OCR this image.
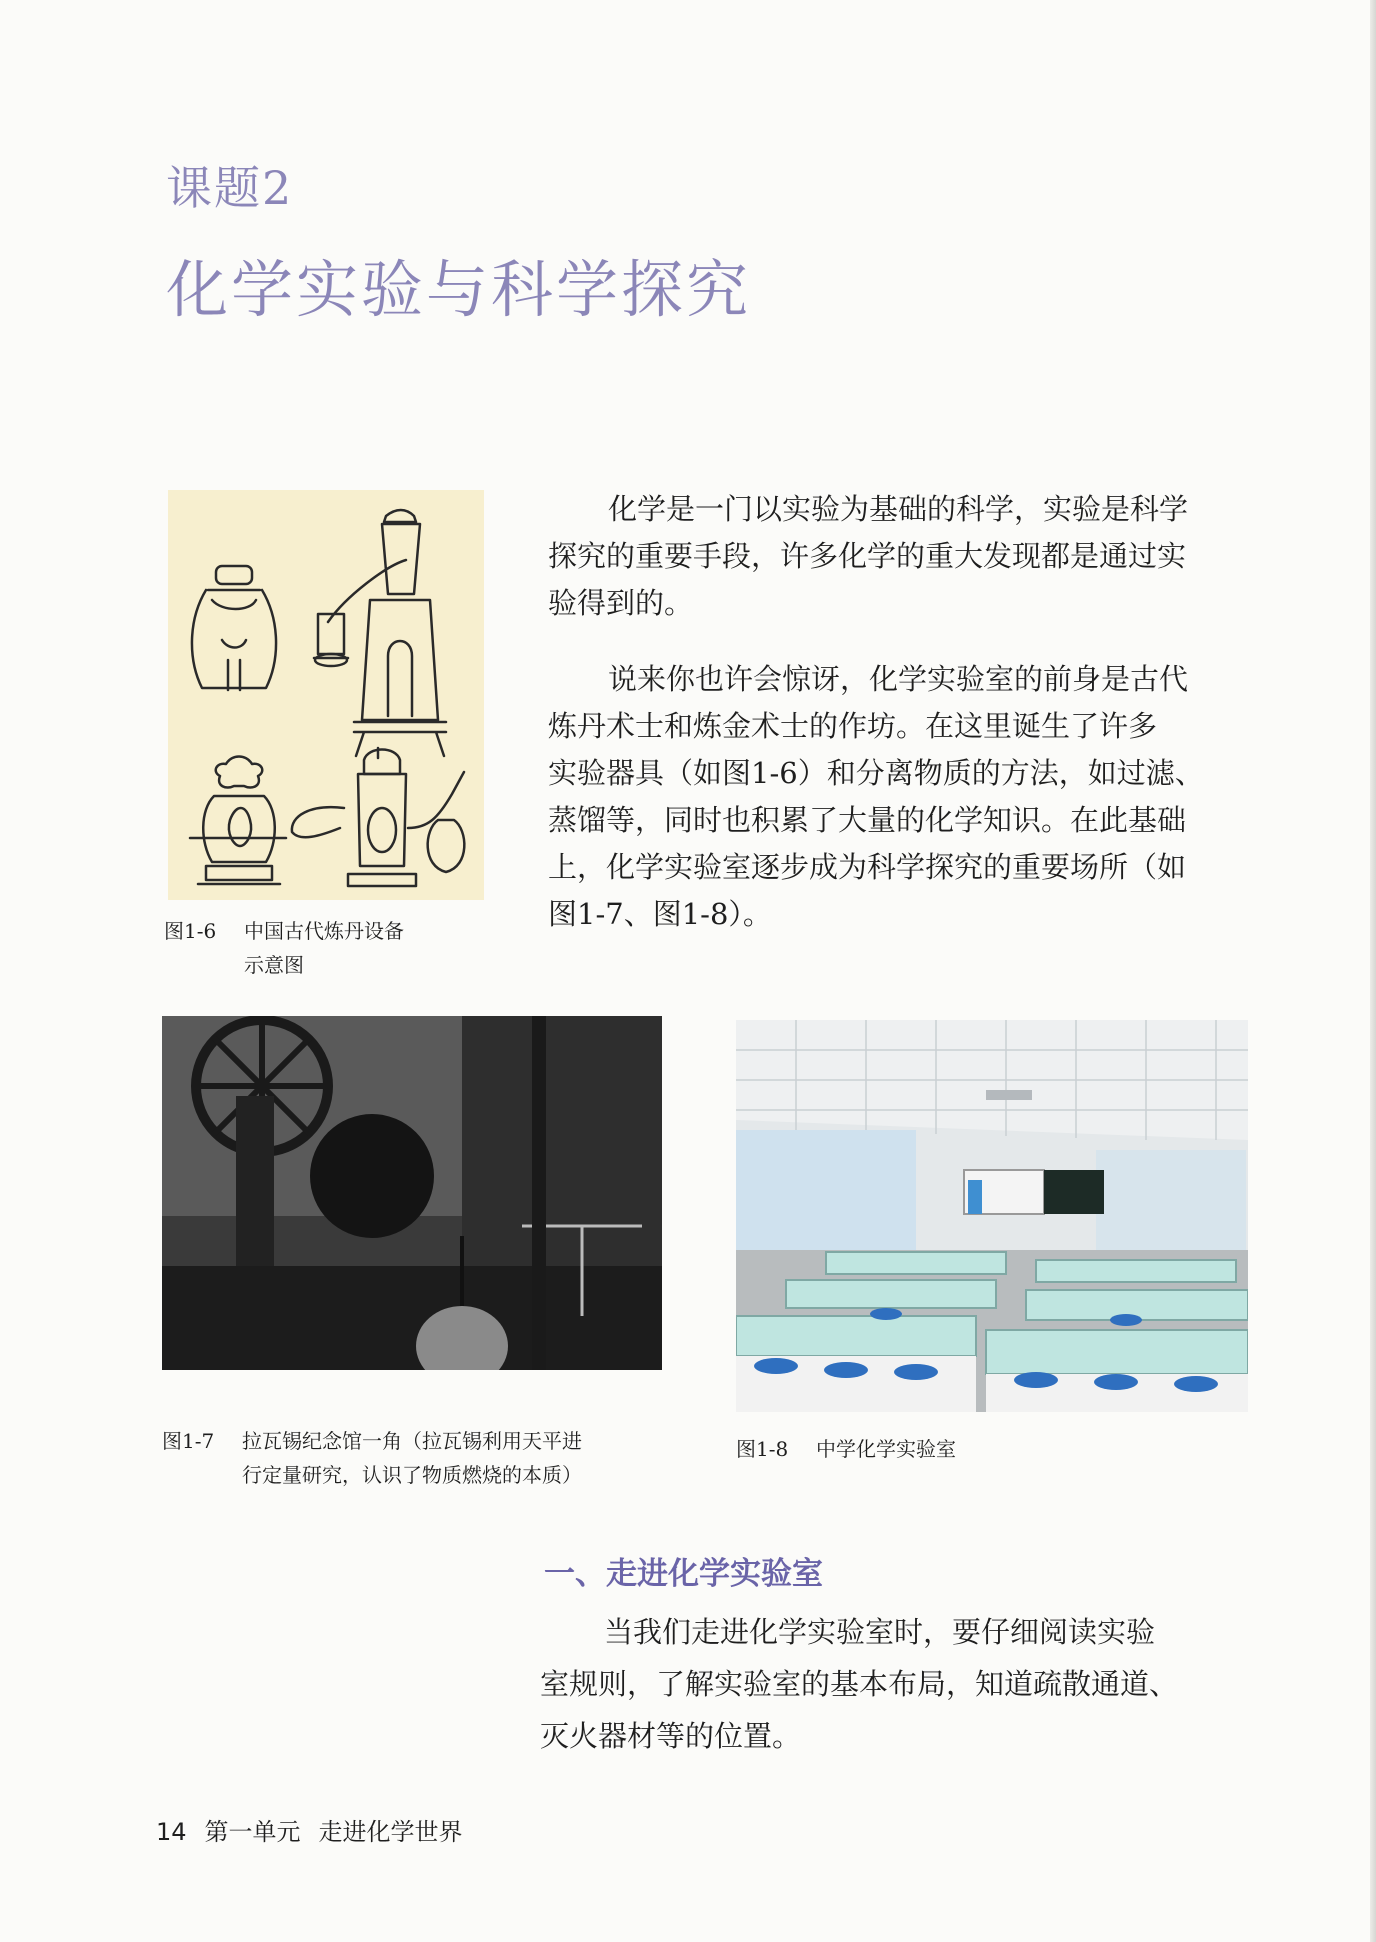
课题2
化学实验与科学探究
图1-6 中国古代炼丹设备
示意图
化学是一门以实验为基础的科学，实验是科学
探究的重要手段，许多化学的重大发现都是通过实
验得到的。
说来你也许会惊讶，化学实验室的前身是古代
炼丹术士和炼金术士的作坊。在这里诞生了许多
实验器具（如图1-6）和分离物质的方法，如过滤、
蒸馏等，同时也积累了大量的化学知识。在此基础
上，化学实验室逐步成为科学探究的重要场所（如
图1-7、图1-8）。
图1-7 拉瓦锡纪念馆一角（拉瓦锡利用天平进
行定量研究，认识了物质燃烧的本质）
图1-8 中学化学实验室
一、走进化学实验室
当我们走进化学实验室时，要仔细阅读实验
室规则，了解实验室的基本布局，知道疏散通道、
灭火器材等的位置。
14 第一单元 走进化学世界
